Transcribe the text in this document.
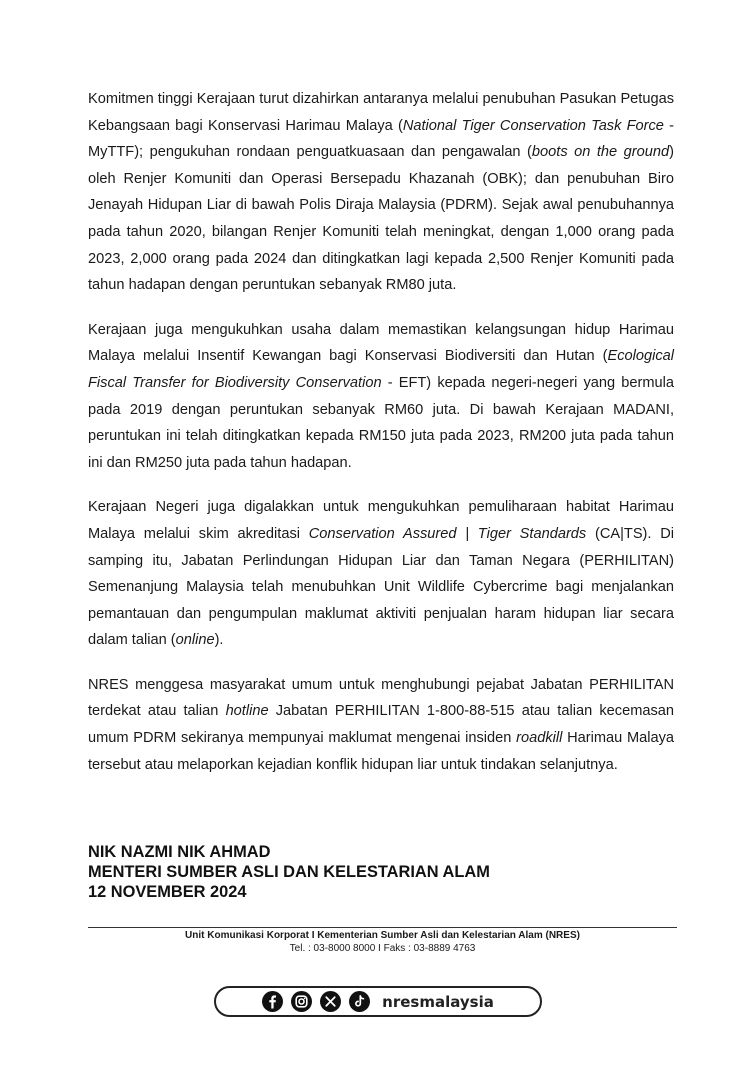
Komitmen tinggi Kerajaan turut dizahirkan antaranya melalui penubuhan Pasukan Petugas Kebangsaan bagi Konservasi Harimau Malaya (National Tiger Conservation Task Force - MyTTF); pengukuhan rondaan penguatkuasaan dan pengawalan (boots on the ground) oleh Renjer Komuniti dan Operasi Bersepadu Khazanah (OBK); dan penubuhan Biro Jenayah Hidupan Liar di bawah Polis Diraja Malaysia (PDRM). Sejak awal penubuhannya pada tahun 2020, bilangan Renjer Komuniti telah meningkat, dengan 1,000 orang pada 2023, 2,000 orang pada 2024 dan ditingkatkan lagi kepada 2,500 Renjer Komuniti pada tahun hadapan dengan peruntukan sebanyak RM80 juta.

Kerajaan juga mengukuhkan usaha dalam memastikan kelangsungan hidup Harimau Malaya melalui Insentif Kewangan bagi Konservasi Biodiversiti dan Hutan (Ecological Fiscal Transfer for Biodiversity Conservation - EFT) kepada negeri-negeri yang bermula pada 2019 dengan peruntukan sebanyak RM60 juta. Di bawah Kerajaan MADANI, peruntukan ini telah ditingkatkan kepada RM150 juta pada 2023, RM200 juta pada tahun ini dan RM250 juta pada tahun hadapan.

Kerajaan Negeri juga digalakkan untuk mengukuhkan pemuliharaan habitat Harimau Malaya melalui skim akreditasi Conservation Assured | Tiger Standards (CA|TS). Di samping itu, Jabatan Perlindungan Hidupan Liar dan Taman Negara (PERHILITAN) Semenanjung Malaysia telah menubuhkan Unit Wildlife Cybercrime bagi menjalankan pemantauan dan pengumpulan maklumat aktiviti penjualan haram hidupan liar secara dalam talian (online).

NRES menggesa masyarakat umum untuk menghubungi pejabat Jabatan PERHILITAN terdekat atau talian hotline Jabatan PERHILITAN 1-800-88-515 atau talian kecemasan umum PDRM sekiranya mempunyai maklumat mengenai insiden roadkill Harimau Malaya tersebut atau melaporkan kejadian konflik hidupan liar untuk tindakan selanjutnya.

NIK NAZMI NIK AHMAD
MENTERI SUMBER ASLI DAN KELESTARIAN ALAM
12 NOVEMBER 2024
Unit Komunikasi Korporat I Kementerian Sumber Asli dan Kelestarian Alam (NRES)
Tel. : 03-8000 8000 I Faks : 03-8889 4763
nresmalaysia
